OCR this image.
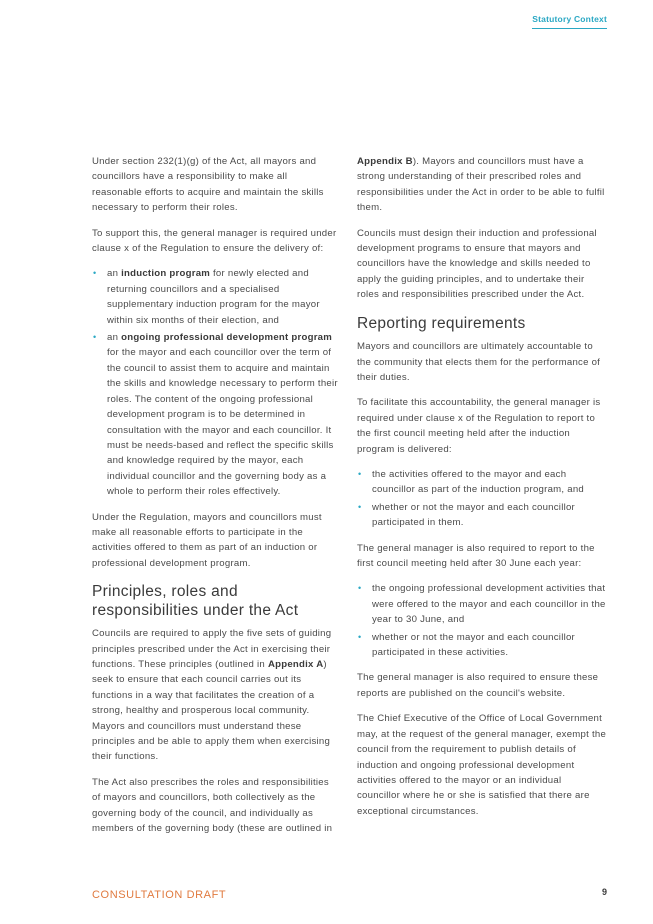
Statutory Context

Under section 232(1)(g) of the Act, all mayors and councillors have a responsibility to make all reasonable efforts to acquire and maintain the skills necessary to perform their roles.

To support this, the general manager is required under clause x of the Regulation to ensure the delivery of:

• an induction program for newly elected and returning councillors and a specialised supplementary induction program for the mayor within six months of their election, and
• an ongoing professional development program for the mayor and each councillor over the term of the council to assist them to acquire and maintain the skills and knowledge necessary to perform their roles. The content of the ongoing professional development program is to be determined in consultation with the mayor and each councillor. It must be needs-based and reflect the specific skills and knowledge required by the mayor, each individual councillor and the governing body as a whole to perform their roles effectively.

Under the Regulation, mayors and councillors must make all reasonable efforts to participate in the activities offered to them as part of an induction or professional development program.

Principles, roles and responsibilities under the Act

Councils are required to apply the five sets of guiding principles prescribed under the Act in exercising their functions. These principles (outlined in Appendix A) seek to ensure that each council carries out its functions in a way that facilitates the creation of a strong, healthy and prosperous local community. Mayors and councillors must understand these principles and be able to apply them when exercising their functions.

The Act also prescribes the roles and responsibilities of mayors and councillors, both collectively as the governing body of the council, and individually as members of the governing body (these are outlined in

Appendix B). Mayors and councillors must have a strong understanding of their prescribed roles and responsibilities under the Act in order to be able to fulfil them.

Councils must design their induction and professional development programs to ensure that mayors and councillors have the knowledge and skills needed to apply the guiding principles, and to undertake their roles and responsibilities prescribed under the Act.

Reporting requirements

Mayors and councillors are ultimately accountable to the community that elects them for the performance of their duties.

To facilitate this accountability, the general manager is required under clause x of the Regulation to report to the first council meeting held after the induction program is delivered:

• the activities offered to the mayor and each councillor as part of the induction program, and
• whether or not the mayor and each councillor participated in them.

The general manager is also required to report to the first council meeting held after 30 June each year:

• the ongoing professional development activities that were offered to the mayor and each councillor in the year to 30 June, and
• whether or not the mayor and each councillor participated in these activities.

The general manager is also required to ensure these reports are published on the council's website.

The Chief Executive of the Office of Local Government may, at the request of the general manager, exempt the council from the requirement to publish details of induction and ongoing professional development activities offered to the mayor or an individual councillor where he or she is satisfied that there are exceptional circumstances.

CONSULTATION DRAFT	9
